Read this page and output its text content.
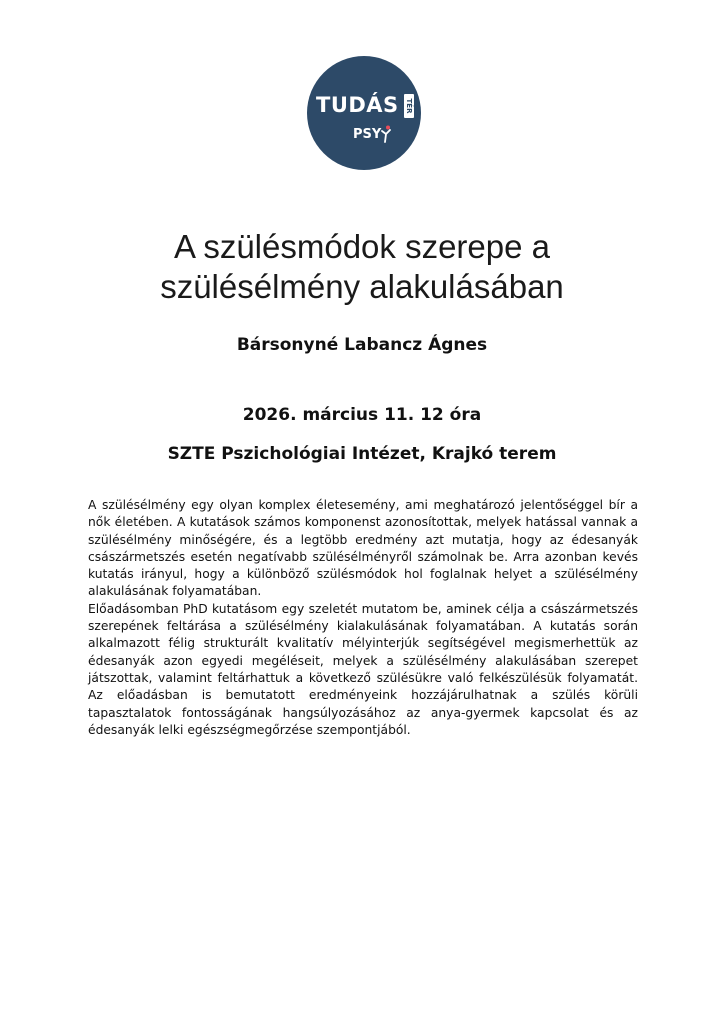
TUDÁS TÉR
PSY
A szülésmódok szerepe a
szülésélmény alakulásában
Bársonyné Labancz Ágnes
2026. március 11. 12 óra
SZTE Pszichológiai Intézet, Krajkó terem

A szülésélmény egy olyan komplex életesemény, ami meghatározó jelentőséggel bír a nők életében. A kutatások számos komponenst azonosítottak, melyek hatással vannak a szülésélmény minőségére, és a legtöbb eredmény azt mutatja, hogy az édesanyák császármetszés esetén negatívabb szülésélményről számolnak be. Arra azonban kevés kutatás irányul, hogy a különböző szülésmódok hol foglalnak helyet a szülésélmény alakulásának folyamatában.

Előadásomban PhD kutatásom egy szeletét mutatom be, aminek célja a császármetszés szerepének feltárása a szülésélmény kialakulásának folyamatában. A kutatás során alkalmazott félig strukturált kvalitatív mélyinterjúk segítségével megismerhettük az édesanyák azon egyedi megéléseit, melyek a szülésélmény alakulásában szerepet játszottak, valamint feltárhattuk a következő szülésükre való felkészülésük folyamatát. Az előadásban is bemutatott eredményeink hozzájárulhatnak a szülés körüli tapasztalatok fontosságának hangsúlyozásához az anya-gyermek kapcsolat és az édesanyák lelki egészségmegőrzése szempontjából.
